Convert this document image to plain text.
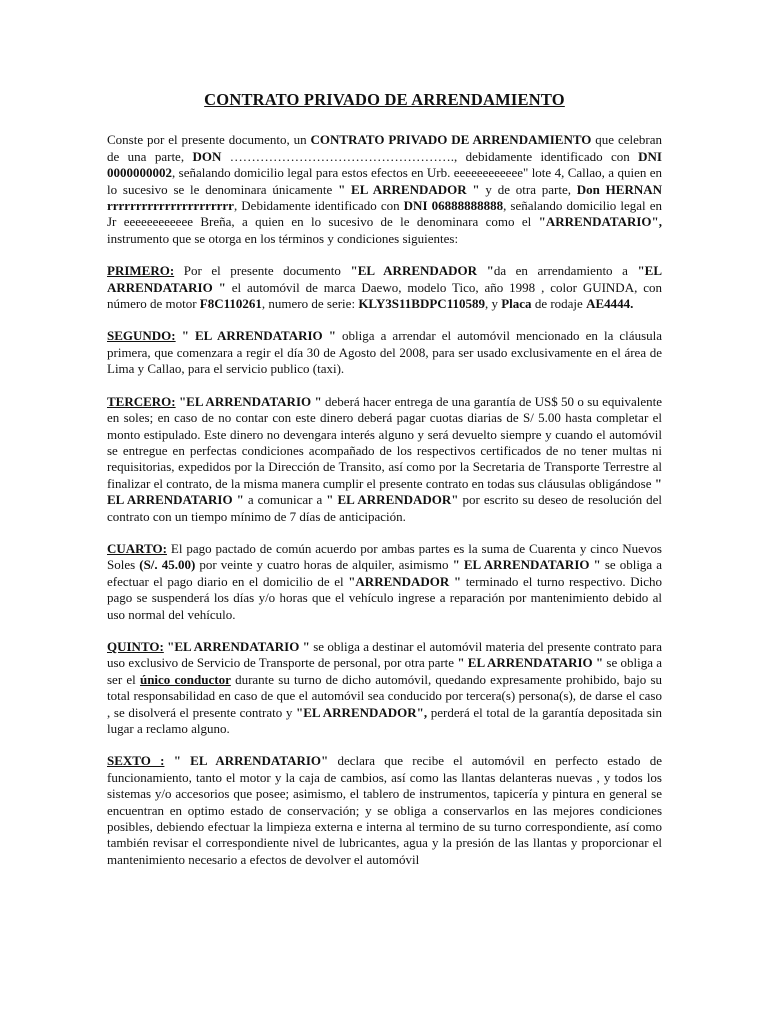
CONTRATO PRIVADO DE ARRENDAMIENTO

Conste por el presente documento, un CONTRATO PRIVADO DE ARRENDAMIENTO que celebran de una parte, DON ……………………………………………., debidamente identificado con DNI 0000000002, señalando domicilio legal para estos efectos en Urb. eeeeeeeeeeee" lote 4, Callao, a quien en lo sucesivo se le denominara únicamente " EL ARRENDADOR " y de otra parte, Don HERNAN rrrrrrrrrrrrrrrrrrrrrr, Debidamente identificado con DNI 06888888888, señalando domicilio legal en Jr eeeeeeeeeeee Breña, a quien en lo sucesivo de le denominara como el "ARRENDATARIO", instrumento que se otorga en los términos y condiciones siguientes:

PRIMERO: Por el presente documento "EL ARRENDADOR "da en arrendamiento a "EL ARRENDATARIO " el automóvil de marca Daewo, modelo Tico, año 1998 , color GUINDA, con número de motor F8C110261, numero de serie: KLY3S11BDPC110589, y Placa de rodaje AE4444.

SEGUNDO: " EL ARRENDATARIO " obliga a arrendar el automóvil mencionado en la cláusula primera, que comenzara a regir el día 30 de Agosto del 2008, para ser usado exclusivamente en el área de Lima y Callao, para el servicio publico (taxi).

TERCERO: "EL ARRENDATARIO " deberá hacer entrega de una garantía de US$ 50 o su equivalente en soles; en caso de no contar con este dinero deberá pagar cuotas diarias de S/ 5.00 hasta completar el monto estipulado. Este dinero no devengara interés alguno y será devuelto siempre y cuando el automóvil se entregue en perfectas condiciones acompañado de los respectivos certificados de no tener multas ni requisitorias, expedidos por la Dirección de Transito, así como por la Secretaria de Transporte Terrestre al finalizar el contrato, de la misma manera cumplir el presente contrato en todas sus cláusulas obligándose " EL ARRENDATARIO " a comunicar a " EL ARRENDADOR" por escrito su deseo de resolución del contrato con un tiempo mínimo de 7 días de anticipación.

CUARTO: El pago pactado de común acuerdo por ambas partes es la suma de Cuarenta y cinco Nuevos Soles (S/. 45.00) por veinte y cuatro horas de alquiler, asimismo " EL ARRENDATARIO " se obliga a efectuar el pago diario en el domicilio de el "ARRENDADOR " terminado el turno respectivo. Dicho pago se suspenderá los días y/o horas que el vehículo ingrese a reparación por mantenimiento debido al uso normal del vehículo.

QUINTO: "EL ARRENDATARIO " se obliga a destinar el automóvil materia del presente contrato para uso exclusivo de Servicio de Transporte de personal, por otra parte " EL ARRENDATARIO " se obliga a ser el único conductor durante su turno de dicho automóvil, quedando expresamente prohibido, bajo su total responsabilidad en caso de que el automóvil sea conducido por tercera(s) persona(s), de darse el caso , se disolverá el presente contrato y "EL ARRENDADOR", perderá el total de la garantía depositada sin lugar a reclamo alguno.

SEXTO : " EL ARRENDATARIO" declara que recibe el automóvil en perfecto estado de funcionamiento, tanto el motor y la caja de cambios, así como las llantas delanteras nuevas , y todos los sistemas y/o accesorios que posee; asimismo, el tablero de instrumentos, tapicería y pintura en general se encuentran en optimo estado de conservación; y se obliga a conservarlos en las mejores condiciones posibles, debiendo efectuar la limpieza externa e interna al termino de su turno correspondiente, así como también revisar el correspondiente nivel de lubricantes, agua y la presión de las llantas y proporcionar el mantenimiento necesario a efectos de devolver el automóvil
